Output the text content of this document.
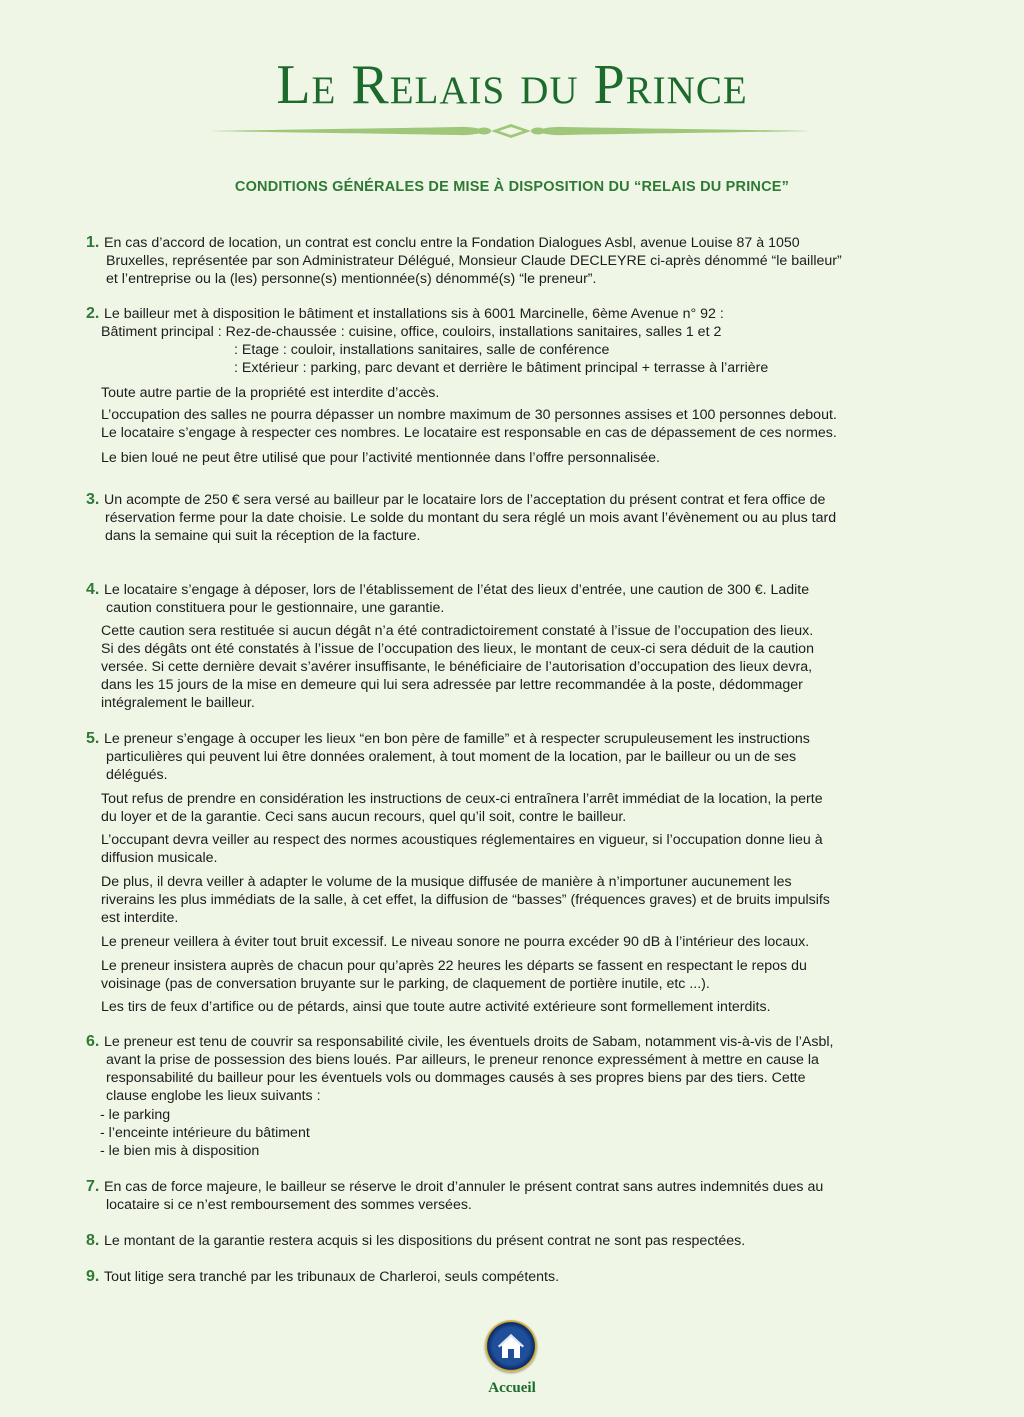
Le Relais du Prince
CONDITIONS GÉNÉRALES DE MISE À DISPOSITION DU “RELAIS DU PRINCE”
1. En cas d’accord de location, un contrat est conclu entre la Fondation Dialogues Asbl, avenue Louise 87 à 1050
Bruxelles, représentée par son Administrateur Délégué, Monsieur Claude DECLEYRE ci-après dénommé “le bailleur”
et l’entreprise ou la (les) personne(s) mentionnée(s) dénommé(s) “le preneur”.
2. Le bailleur met à disposition le bâtiment et installations sis à 6001 Marcinelle, 6ème Avenue n° 92 :
Bâtiment principal : Rez-de-chaussée : cuisine, office, couloirs, installations sanitaires, salles 1 et 2
: Etage : couloir, installations sanitaires, salle de conférence
: Extérieur : parking, parc devant et derrière le bâtiment principal + terrasse à l’arrière
Toute autre partie de la propriété est interdite d’accès.
L’occupation des salles ne pourra dépasser un nombre maximum de 30 personnes assises et 100 personnes debout.
Le locataire s’engage à respecter ces nombres. Le locataire est responsable en cas de dépassement de ces normes.
Le bien loué ne peut être utilisé que pour l’activité mentionnée dans l’offre personnalisée.
3. Un acompte de 250 € sera versé au bailleur par le locataire lors de l’acceptation du présent contrat et fera office de
réservation ferme pour la date choisie. Le solde du montant du sera réglé un mois avant l’évènement ou au plus tard
dans la semaine qui suit la réception de la facture.
4. Le locataire s’engage à déposer, lors de l’établissement de l’état des lieux d’entrée, une caution de 300 €. Ladite
caution constituera pour le gestionnaire, une garantie.
Cette caution sera restituée si aucun dégât n’a été contradictoirement constaté à l’issue de l’occupation des lieux.
Si des dégâts ont été constatés à l’issue de l’occupation des lieux, le montant de ceux-ci sera déduit de la caution
versée. Si cette dernière devait s’avérer insuffisante, le bénéficiaire de l’autorisation d’occupation des lieux devra,
dans les 15 jours de la mise en demeure qui lui sera adressée par lettre recommandée à la poste, dédommager
intégralement le bailleur.
5. Le preneur s’engage à occuper les lieux “en bon père de famille” et à respecter scrupuleusement les instructions
particulières qui peuvent lui être données oralement, à tout moment de la location, par le bailleur ou un de ses
délégués.
Tout refus de prendre en considération les instructions de ceux-ci entraînera l’arrêt immédiat de la location, la perte
du loyer et de la garantie. Ceci sans aucun recours, quel qu’il soit, contre le bailleur.
L’occupant devra veiller au respect des normes acoustiques réglementaires en vigueur, si l’occupation donne lieu à
diffusion musicale.
De plus, il devra veiller à adapter le volume de la musique diffusée de manière à n’importuner aucunement les
riverains les plus immédiats de la salle, à cet effet, la diffusion de “basses” (fréquences graves) et de bruits impulsifs
est interdite.
Le preneur veillera à éviter tout bruit excessif. Le niveau sonore ne pourra excéder 90 dB à l’intérieur des locaux.
Le preneur insistera auprès de chacun pour qu’après 22 heures les départs se fassent en respectant le repos du
voisinage (pas de conversation bruyante sur le parking, de claquement de portière inutile, etc ...).
Les tirs de feux d’artifice ou de pétards, ainsi que toute autre activité extérieure sont formellement interdits.
6. Le preneur est tenu de couvrir sa responsabilité civile, les éventuels droits de Sabam, notamment vis-à-vis de l’Asbl,
avant la prise de possession des biens loués. Par ailleurs, le preneur renonce expressément à mettre en cause la
responsabilité du bailleur pour les éventuels vols ou dommages causés à ses propres biens par des tiers. Cette
clause englobe les lieux suivants :
- le parking
- l’enceinte intérieure du bâtiment
- le bien mis à disposition
7. En cas de force majeure, le bailleur se réserve le droit d’annuler le présent contrat sans autres indemnités dues au
locataire si ce n’est remboursement des sommes versées.
8. Le montant de la garantie restera acquis si les dispositions du présent contrat ne sont pas respectées.
9. Tout litige sera tranché par les tribunaux de Charleroi, seuls compétents.
Accueil
